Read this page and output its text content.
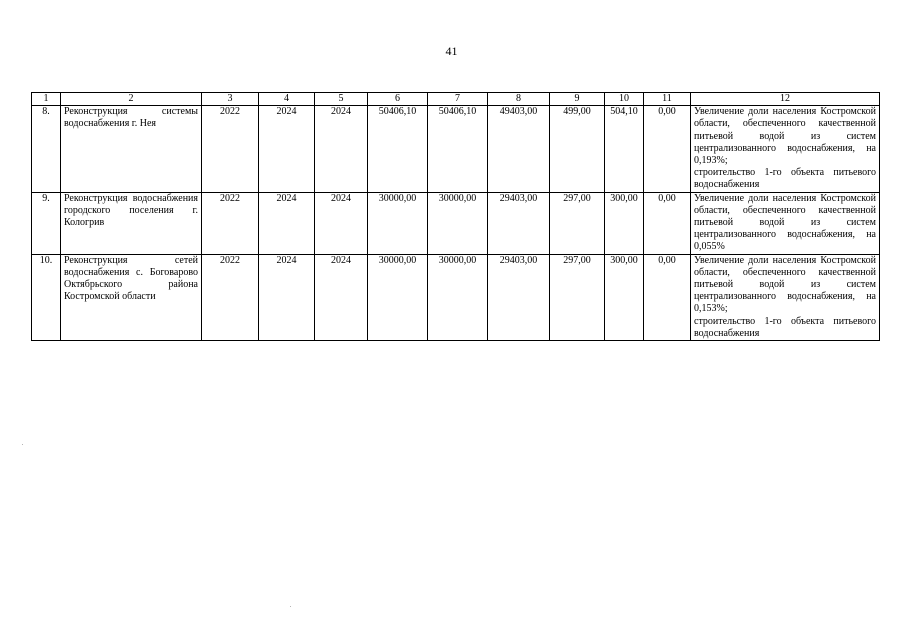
41
1	2	3	4	5	6	7	8	9	10	11	12
8.	Реконструкция системы водоснабжения г. Нея	2022	2024	2024	50406,10	50406,10	49403,00	499,00	504,10	0,00	Увеличение доли населения Костромской области, обеспеченного качественной питьевой водой из систем централизованного водоснабжения, на 0,193%;
строительство 1-го объекта питьевого водоснабжения

9.	Реконструкция водоснабжения городского поселения г. Кологрив	2022	2024	2024	30000,00	30000,00	29403,00	297,00	300,00	0,00	Увеличение доли населения Костромской области, обеспеченного качественной питьевой водой из систем централизованного водоснабжения, на 0,055%

10.	Реконструкция сетей водоснабжения с. Боговарово Октябрьского района Костромской области	2022	2024	2024	30000,00	30000,00	29403,00	297,00	300,00	0,00	Увеличение доли населения Костромской области, обеспеченного качественной питьевой водой из систем централизованного водоснабжения, на 0,153%;
строительство 1-го объекта питьевого водоснабжения
